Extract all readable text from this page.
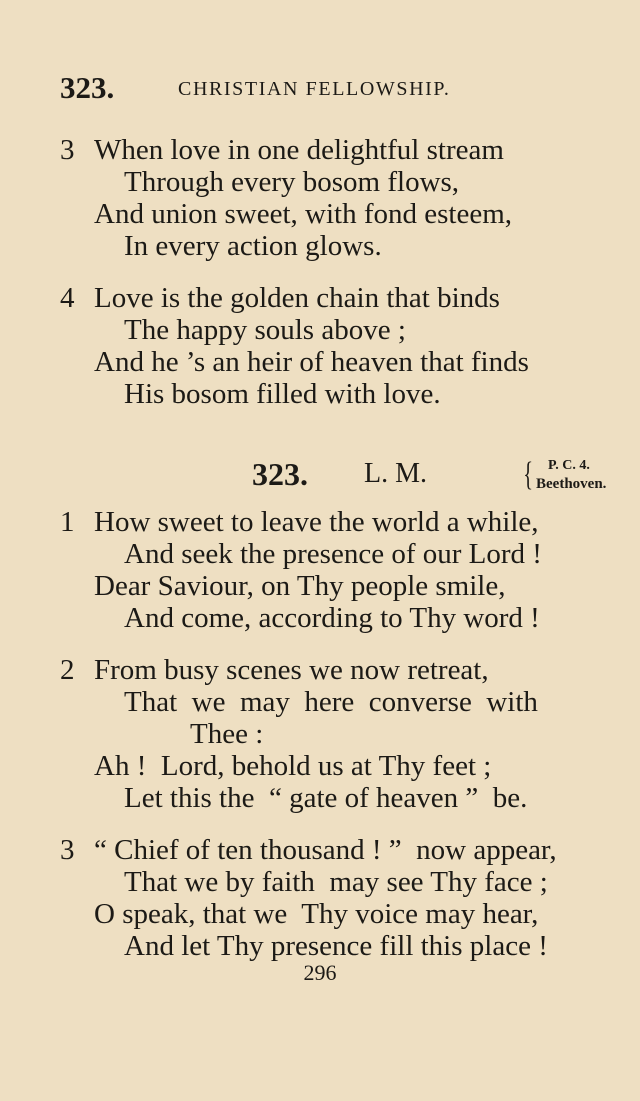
323.	CHRISTIAN FELLOWSHIP.
3 When love in one delightful stream
Through every bosom flows,
And union sweet, with fond esteem,
In every action glows.
4 Love is the golden chain that binds
The happy souls above ;
And he ’s an heir of heaven that finds
His bosom filled with love.
323. L. M.	{ P. C. 4.
Beethoven.
1 How sweet to leave the world a while,
And seek the presence of our Lord !
Dear Saviour, on Thy people smile,
And come, according to Thy word !
2 From busy scenes we now retreat,
That  we  may  here  converse  with
Thee :
Ah !  Lord, behold us at Thy feet ;
Let this the  “ gate of heaven ”  be.
3 “ Chief of ten thousand ! ”  now appear,
That we by faith  may see Thy face ;
O speak, that we  Thy voice may hear,
And let Thy presence fill this place !
296
